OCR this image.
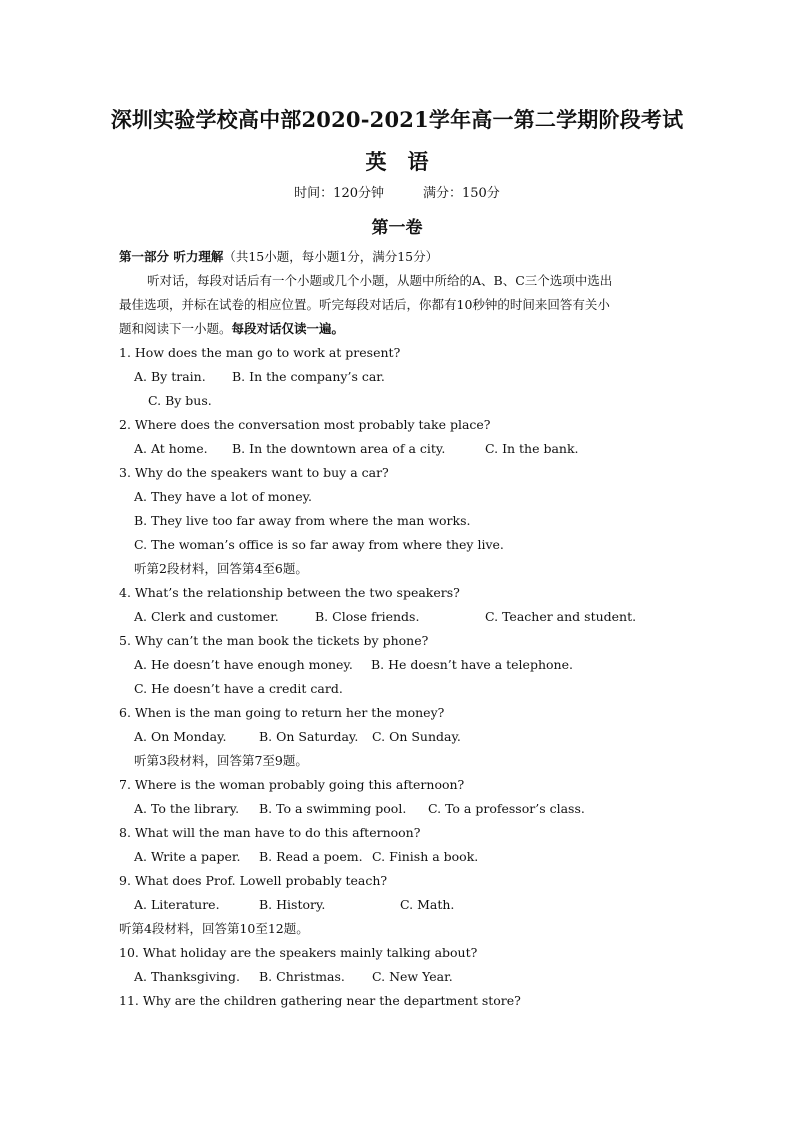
深圳实验学校高中部2020-2021学年高一第二学期阶段考试
英　语
时间：120分钟　　　满分：150分
第一卷
第一部分 听力理解（共15小题，每小题1分，满分15分）
听对话，每段对话后有一个小题或几个小题，从题中所给的A、B、C三个选项中选出
最佳选项，并标在试卷的相应位置。听完每段对话后，你都有10秒钟的时间来回答有关小
题和阅读下一小题。每段对话仅读一遍。
1. How does the man go to work at present?
A. By train. B. In the company’s car.
C. By bus.
2. Where does the conversation most probably take place?
A. At home. B. In the downtown area of a city.	C. In the bank.
3. Why do the speakers want to buy a car?
A. They have a lot of money.
B. They live too far away from where the man works.
C. The woman’s office is so far away from where they live.
听第2段材料，回答第4至6题。
4. What’s the relationship between the two speakers?
A. Clerk and customer.	B. Close friends.	C. Teacher and student.
5. Why can’t the man book the tickets by phone?
A. He doesn’t have enough money. B. He doesn’t have a telephone.
C. He doesn’t have a credit card.
6. When is the man going to return her the money?
A. On Monday.	B. On Saturday. C. On Sunday.
听第3段材料，回答第7至9题。
7. Where is the woman probably going this afternoon?
A. To the library. B. To a swimming pool. C. To a professor’s class.
8. What will the man have to do this afternoon?
A. Write a paper. B. Read a poem. C. Finish a book.
9. What does Prof. Lowell probably teach?
A. Literature.	B. History.	C. Math.
听第4段材料，回答第10至12题。
10. What holiday are the speakers mainly talking about?
A. Thanksgiving. B. Christmas. C. New Year.
11. Why are the children gathering near the department store?
